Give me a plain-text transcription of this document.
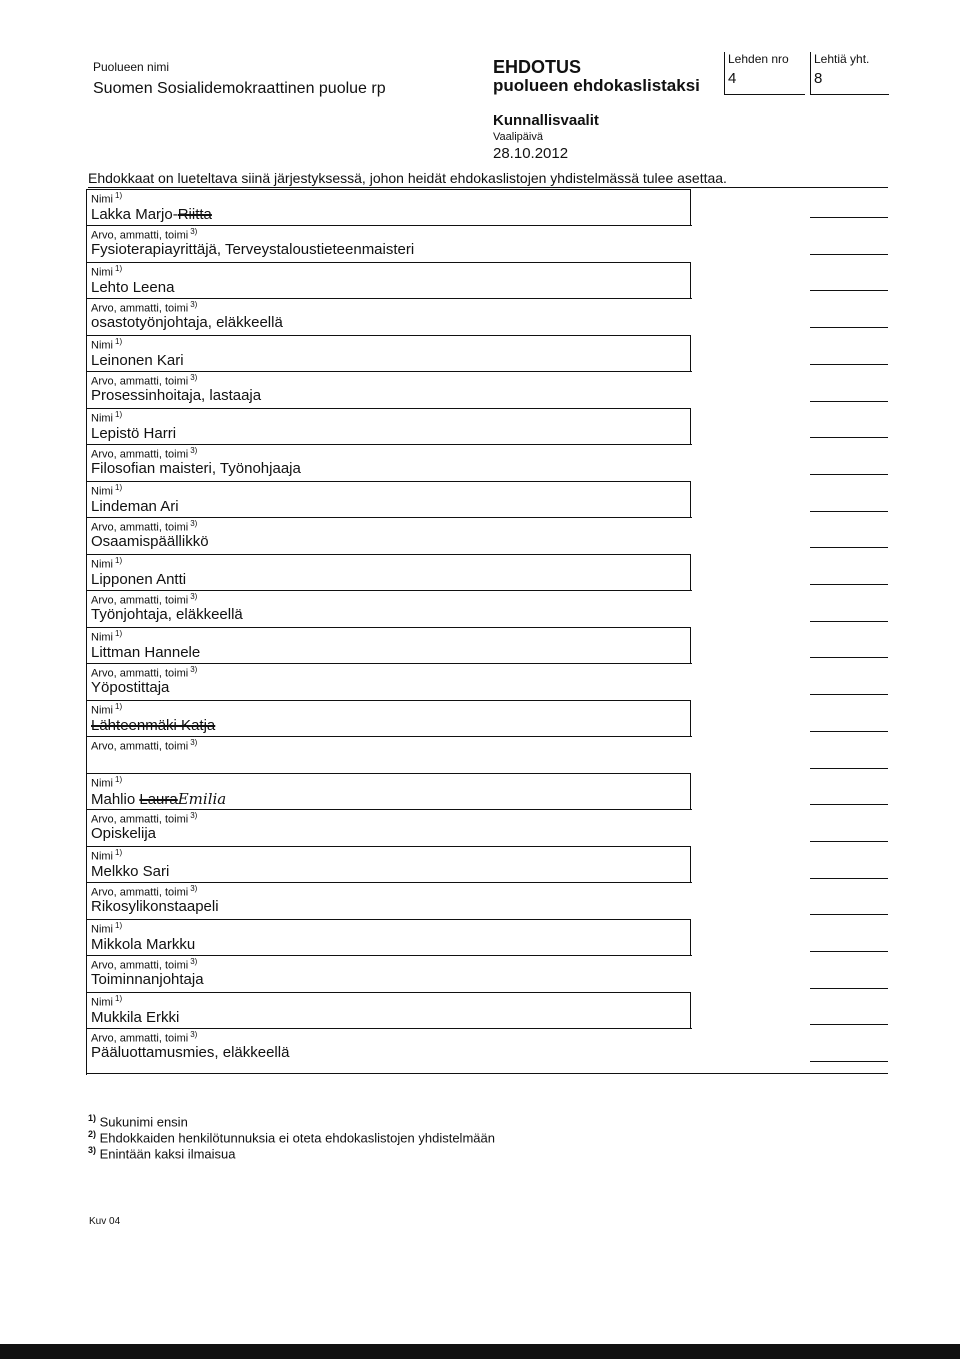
Puolueen nimi
Suomen Sosialidemokraattinen puolue rp
EHDOTUS
puolueen ehdokaslistaksi
Lehden nro
4
Lehtiä yht.
8
Kunnallisvaalit
Vaalipäivä
28.10.2012
Ehdokkaat on lueteltava siinä järjestyksessä, johon heidät ehdokaslistojen yhdistelmässä tulee asettaa.
Nimi $^{1)}$
Lakka Marjo-Riitta
Arvo, ammatti, toimi $^{3)}$
Fysioterapiayrittäjä, Terveystaloustieteenmaisteri
Nimi $^{1)}$
Lehto Leena
Arvo, ammatti, toimi $^{3)}$
osastotyönjohtaja, eläkkeellä
Nimi $^{1)}$
Leinonen Kari
Arvo, ammatti, toimi $^{3)}$
Prosessinhoitaja, lastaaja
Nimi $^{1)}$
Lepistö Harri
Arvo, ammatti, toimi $^{3)}$
Filosofian maisteri, Työnohjaaja
Nimi $^{1)}$
Lindeman Ari
Arvo, ammatti, toimi $^{3)}$
Osaamispäällikkö
Nimi $^{1)}$
Lipponen Antti
Arvo, ammatti, toimi $^{3)}$
Työnjohtaja, eläkkeellä
Nimi $^{1)}$
Littman Hannele
Arvo, ammatti, toimi $^{3)}$
Yöpostittaja
Nimi $^{1)}$
Lähteenmäki Katja
Arvo, ammatti, toimi $^{3)}$
Nimi $^{1)}$
Mahlio LauraEmilia
Arvo, ammatti, toimi $^{3)}$
Opiskelija
Nimi $^{1)}$
Melkko Sari
Arvo, ammatti, toimi $^{3)}$
Rikosylikonstaapeli
Nimi $^{1)}$
Mikkola Markku
Arvo, ammatti, toimi $^{3)}$
Toiminnanjohtaja
Nimi $^{1)}$
Mukkila Erkki
Arvo, ammatti, toimi $^{3)}$
Pääluottamusmies, eläkkeellä
$^{1)}$ Sukunimi ensin
$^{2)}$ Ehdokkaiden henkilötunnuksia ei oteta ehdokaslistojen yhdistelmään
$^{3)}$ Enintään kaksi ilmaisua
Kuv 04
